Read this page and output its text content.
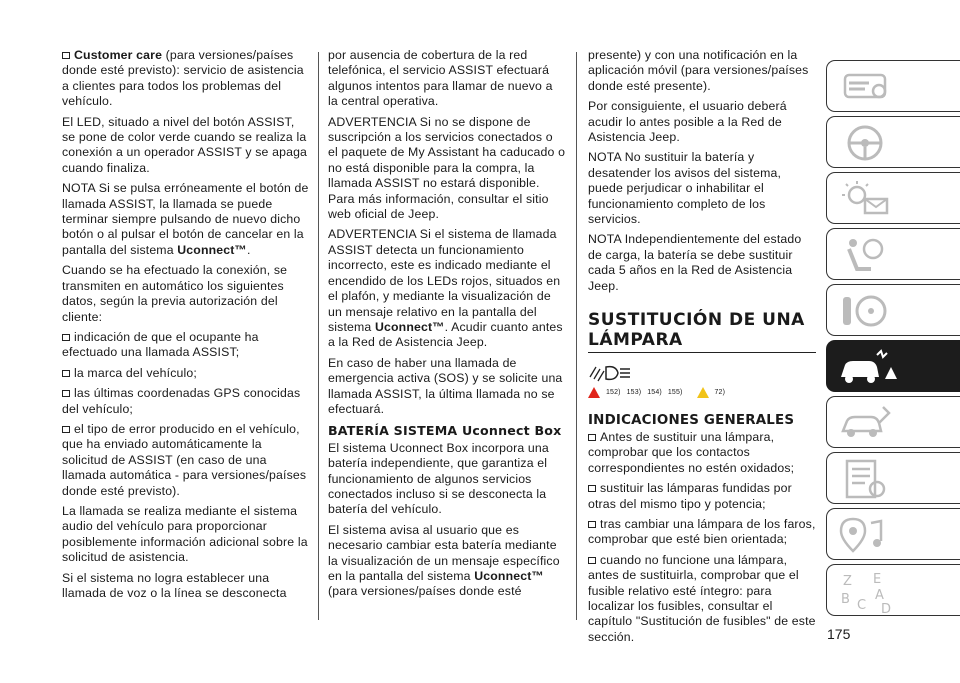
Customer care (para versiones/países donde esté previsto): servicio de asistencia a clientes para todos los problemas del vehículo.

El LED, situado a nivel del botón ASSIST, se pone de color verde cuando se realiza la conexión a un operador ASSIST y se apaga cuando finaliza.

NOTA Si se pulsa erróneamente el botón de llamada ASSIST, la llamada se puede terminar siempre pulsando de nuevo dicho botón o al pulsar el botón de cancelar en la pantalla del sistema Uconnect™.

Cuando se ha efectuado la conexión, se transmiten en automático los siguientes datos, según la previa autorización del cliente:

indicación de que el ocupante ha efectuado una llamada ASSIST;

la marca del vehículo;

las últimas coordenadas GPS conocidas del vehículo;

el tipo de error producido en el vehículo, que ha enviado automáticamente la solicitud de ASSIST (en caso de una llamada automática - para versiones/países donde esté previsto).

La llamada se realiza mediante el sistema audio del vehículo para proporcionar posiblemente información adicional sobre la solicitud de asistencia.

Si el sistema no logra establecer una llamada de voz o la línea se desconecta

por ausencia de cobertura de la red telefónica, el servicio ASSIST efectuará algunos intentos para llamar de nuevo a la central operativa.

ADVERTENCIA Si no se dispone de suscripción a los servicios conectados o el paquete de My Assistant ha caducado o no está disponible para la compra, la llamada ASSIST no estará disponible. Para más información, consultar el sitio web oficial de Jeep.

ADVERTENCIA Si el sistema de llamada ASSIST detecta un funcionamiento incorrecto, este es indicado mediante el encendido de los LEDs rojos, situados en el plafón, y mediante la visualización de un mensaje relativo en la pantalla del sistema Uconnect™. Acudir cuanto antes a la Red de Asistencia Jeep.

En caso de haber una llamada de emergencia activa (SOS) y se solicite una llamada ASSIST, la última llamada no se efectuará.

BATERÍA SISTEMA Uconnect Box

El sistema Uconnect Box incorpora una batería independiente, que garantiza el funcionamiento de algunos servicios conectados incluso si se desconecta la batería del vehículo.

El sistema avisa al usuario que es necesario cambiar esta batería mediante la visualización de un mensaje específico en la pantalla del sistema Uconnect™ (para versiones/países donde esté

presente) y con una notificación en la aplicación móvil (para versiones/países donde esté presente).

Por consiguiente, el usuario deberá acudir lo antes posible a la Red de Asistencia Jeep.

NOTA No sustituir la batería y desatender los avisos del sistema, puede perjudicar o inhabilitar el funcionamiento completo de los servicios.

NOTA Independientemente del estado de carga, la batería se debe sustituir cada 5 años en la Red de Asistencia Jeep.

SUSTITUCIÓN DE UNA
LÁMPARA
152) 153) 154) 155)	72)
INDICACIONES GENERALES

Antes de sustituir una lámpara, comprobar que los contactos correspondientes no estén oxidados;

sustituir las lámparas fundidas por otras del mismo tipo y potencia;

tras cambiar una lámpara de los faros, comprobar que esté bien orientada;

cuando no funcione una lámpara, antes de sustituirla, comprobar que el fusible relativo esté íntegro: para localizar los fusibles, consultar el capítulo "Sustitución de fusibles" de este sección.	175
Z E
B A
C D
